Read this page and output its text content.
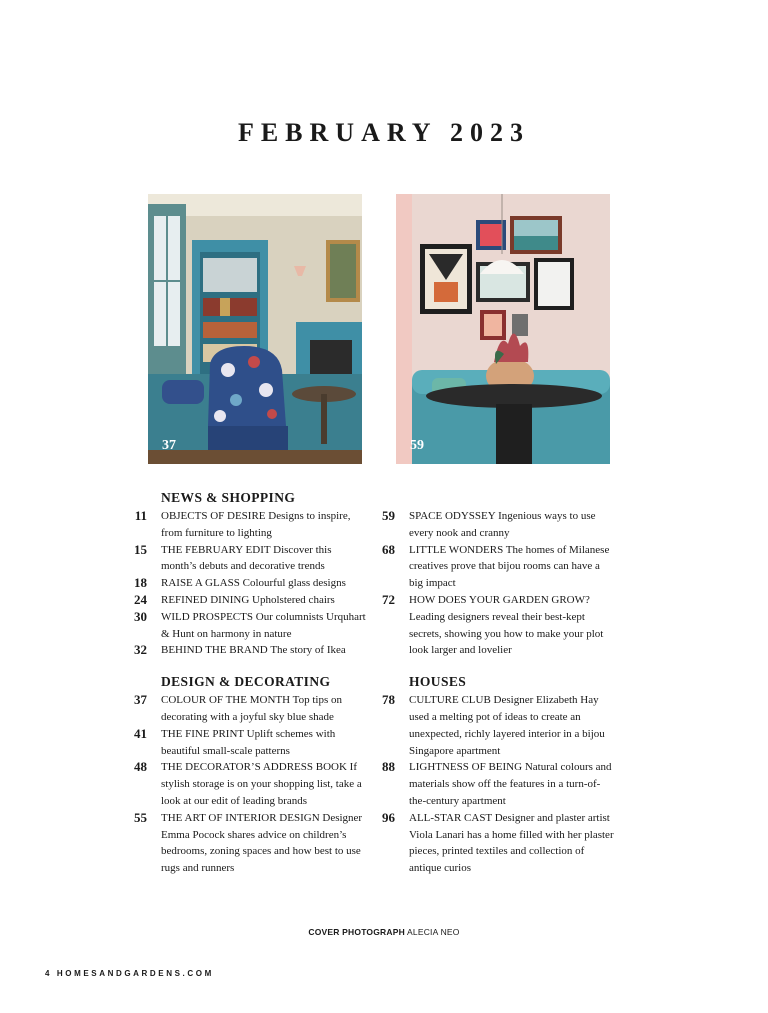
FEBRUARY 2023
37	59
NEWS & SHOPPING
11	OBJECTS OF DESIRE Designs to inspire, from furniture to lighting
15	THE FEBRUARY EDIT Discover this month’s debuts and decorative trends
18	RAISE A GLASS Colourful glass designs
24	REFINED DINING Upholstered chairs
30	WILD PROSPECTS Our columnists Urquhart & Hunt on harmony in nature
32	BEHIND THE BRAND The story of Ikea
DESIGN & DECORATING
37	COLOUR OF THE MONTH Top tips on decorating with a joyful sky blue shade
41	THE FINE PRINT Uplift schemes with beautiful small-scale patterns
48	THE DECORATOR’S ADDRESS BOOK If stylish storage is on your shopping list, take a look at our edit of leading brands
55	THE ART OF INTERIOR DESIGN Designer Emma Pocock shares advice on children’s bedrooms, zoning spaces and how best to use rugs and runners

59	SPACE ODYSSEY Ingenious ways to use every nook and cranny
68	LITTLE WONDERS The homes of Milanese creatives prove that bijou rooms can have a big impact
72	HOW DOES YOUR GARDEN GROW? Leading designers reveal their best-kept secrets, showing you how to make your plot look larger and lovelier
HOUSES
78	CULTURE CLUB Designer Elizabeth Hay used a melting pot of ideas to create an unexpected, richly layered interior in a bijou Singapore apartment
88	LIGHTNESS OF BEING Natural colours and materials show off the features in a turn-of-the-century apartment
96	ALL-STAR CAST Designer and plaster artist Viola Lanari has a home filled with her plaster pieces, printed textiles and collection of antique curios
COVER PHOTOGRAPH ALECIA NEO
4 HOMESANDGARDENS.COM
